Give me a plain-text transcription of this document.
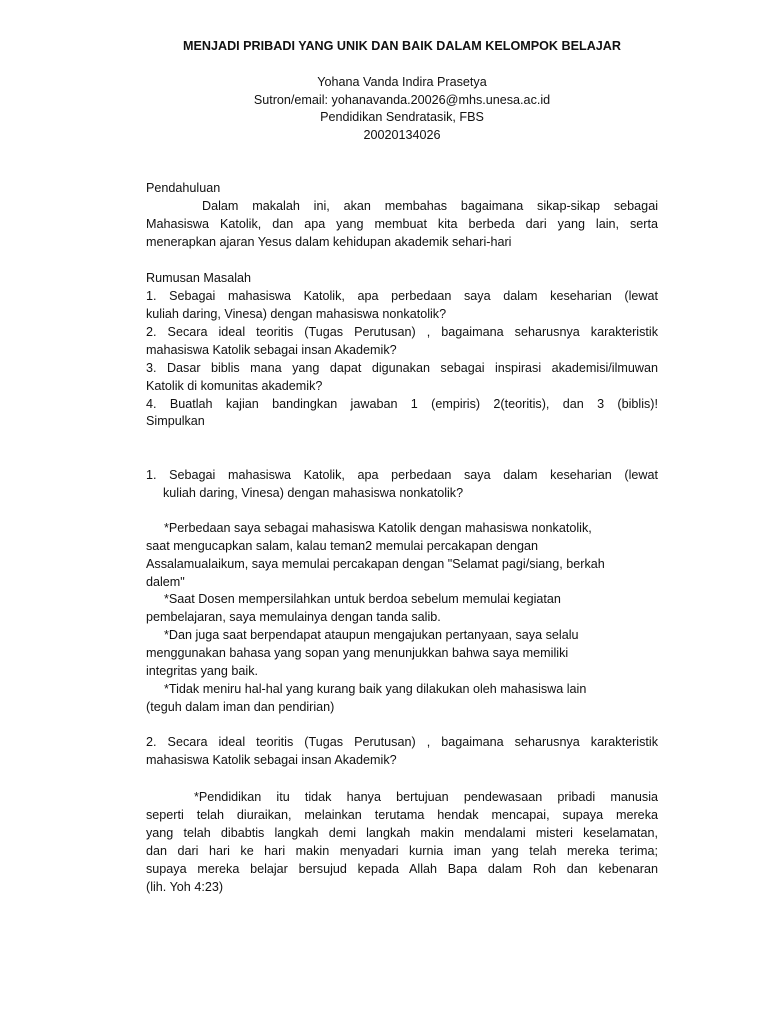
MENJADI PRIBADI YANG UNIK DAN BAIK DALAM KELOMPOK BELAJAR

Yohana Vanda Indira Prasetya

Sutron/email: yohanavanda.20026@mhs.unesa.ac.id

Pendidikan Sendratasik, FBS

20020134026

Pendahuluan

Dalam makalah ini, akan membahas bagaimana sikap-sikap sebagai

Mahasiswa Katolik, dan apa yang membuat kita berbeda dari yang lain, serta

menerapkan ajaran Yesus dalam kehidupan akademik sehari-hari

Rumusan Masalah

1. Sebagai mahasiswa Katolik, apa perbedaan saya dalam keseharian (lewat

kuliah daring, Vinesa) dengan mahasiswa nonkatolik?

2. Secara ideal teoritis (Tugas Perutusan) , bagaimana seharusnya karakteristik

mahasiswa Katolik sebagai insan Akademik?

3. Dasar biblis mana yang dapat digunakan sebagai inspirasi akademisi/ilmuwan

Katolik di komunitas akademik?

4. Buatlah kajian bandingkan jawaban 1 (empiris) 2(teoritis), dan 3 (biblis)!

Simpulkan

1. Sebagai mahasiswa Katolik, apa perbedaan saya dalam keseharian (lewat

kuliah daring, Vinesa) dengan mahasiswa nonkatolik?

*Perbedaan saya sebagai mahasiswa Katolik dengan mahasiswa nonkatolik,

saat mengucapkan salam, kalau teman2 memulai percakapan dengan

Assalamualaikum, saya memulai percakapan dengan "Selamat pagi/siang, berkah

dalem"

*Saat Dosen mempersilahkan untuk berdoa sebelum memulai kegiatan

pembelajaran, saya memulainya dengan tanda salib.

*Dan juga saat berpendapat ataupun mengajukan pertanyaan, saya selalu

menggunakan bahasa yang sopan yang menunjukkan bahwa saya memiliki

integritas yang baik.

*Tidak meniru hal-hal yang kurang baik yang dilakukan oleh mahasiswa lain

(teguh dalam iman dan pendirian)

2. Secara ideal teoritis (Tugas Perutusan) , bagaimana seharusnya karakteristik

mahasiswa Katolik sebagai insan Akademik?

*Pendidikan itu tidak hanya bertujuan pendewasaan pribadi manusia

seperti telah diuraikan, melainkan terutama hendak mencapai, supaya mereka

yang telah dibabtis langkah demi langkah makin mendalami misteri keselamatan,

dan dari hari ke hari makin menyadari kurnia iman yang telah mereka terima;

supaya mereka belajar bersujud kepada Allah Bapa dalam Roh dan kebenaran

(lih. Yoh 4:23)
